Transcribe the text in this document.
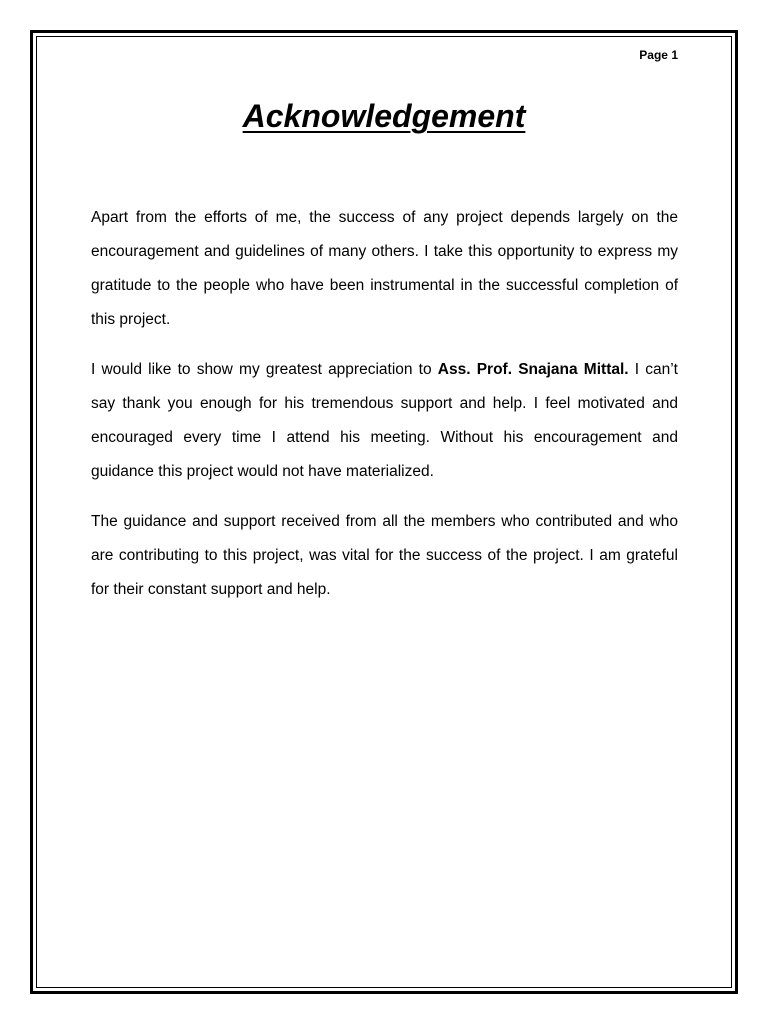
Page 1
Acknowledgement

Apart from the efforts of me, the success of any project depends largely on the encouragement and guidelines of many others. I take this opportunity to express my gratitude to the people who have been instrumental in the successful completion of this project.

I would like to show my greatest appreciation to Ass. Prof. Snajana Mittal. I can’t say thank you enough for his tremendous support and help. I feel motivated and encouraged every time I attend his meeting. Without his encouragement and guidance this project would not have materialized.

The guidance and support received from all the members who contributed and who are contributing to this project, was vital for the success of the project. I am grateful for their constant support and help.
